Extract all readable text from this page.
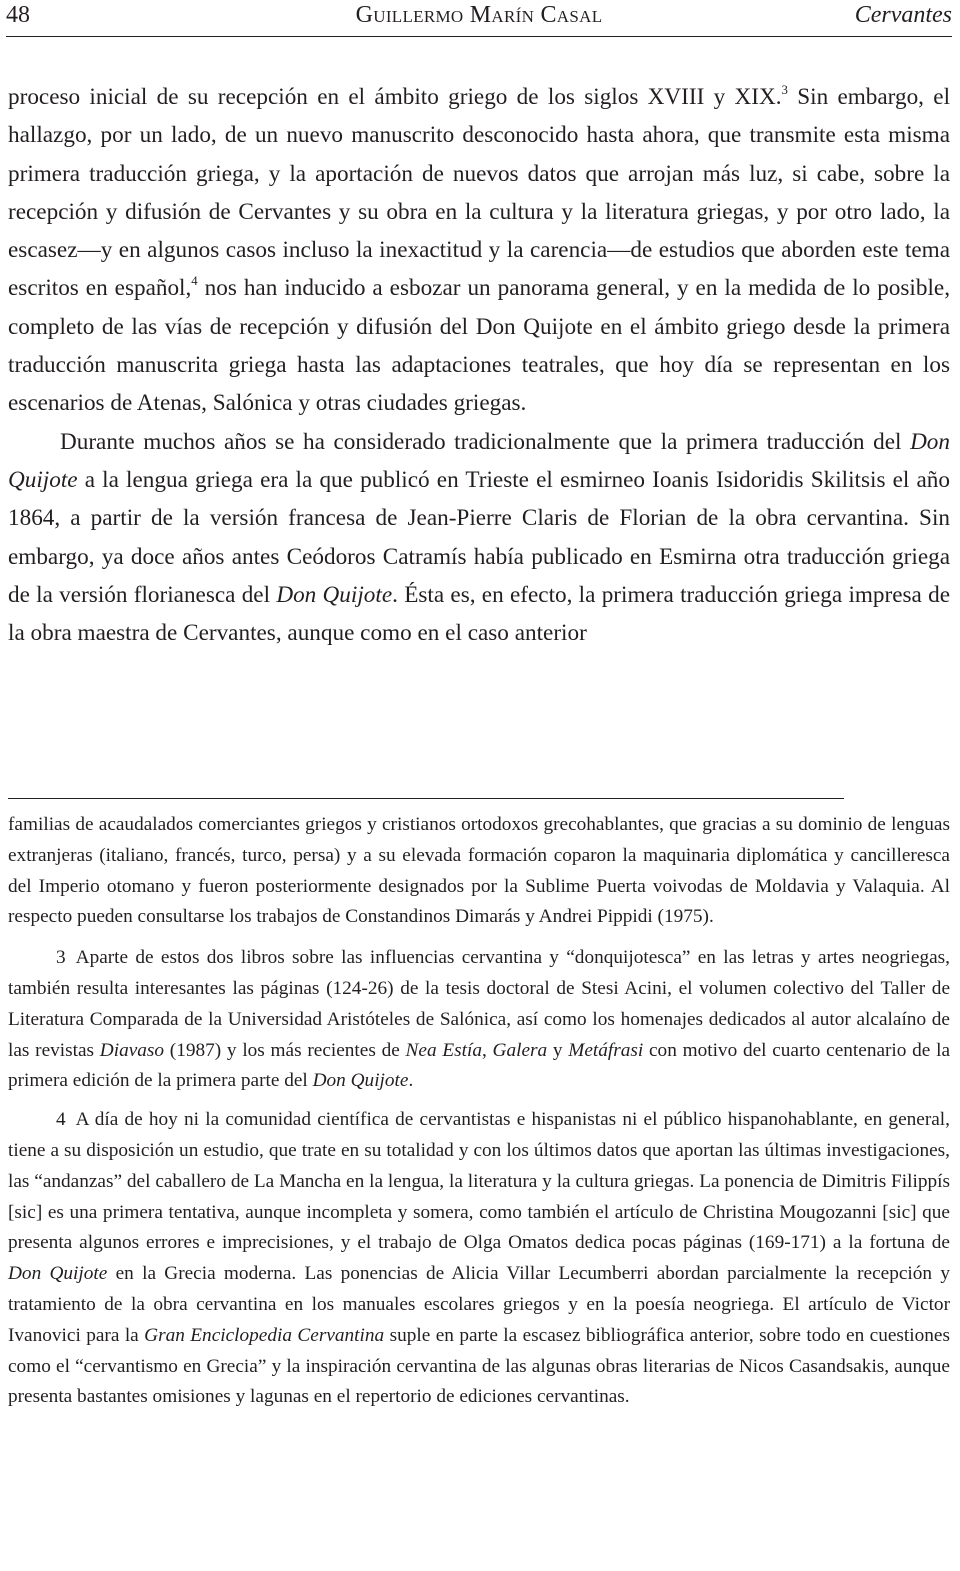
48	Guillermo Marín Casal	Cervantes

proceso inicial de su recepción en el ámbito griego de los siglos XVIII y XIX.$^3$ Sin embargo, el hallazgo, por un lado, de un nuevo manuscrito desconocido hasta ahora, que transmite esta misma primera traducción griega, y la aportación de nuevos datos que arrojan más luz, si cabe, sobre la recepción y difusión de Cervantes y su obra en la cultura y la literatura griegas, y por otro lado, la escasez—y en algunos casos incluso la inexactitud y la carencia—de estudios que aborden este tema escritos en español,$^4$ nos han inducido a esbozar un panorama general, y en la medida de lo posible, completo de las vías de recepción y difusión del Don Quijote en el ámbito griego desde la primera traducción manuscrita griega hasta las adaptaciones teatrales, que hoy día se representan en los escenarios de Atenas, Salónica y otras ciudades griegas.

Durante muchos años se ha considerado tradicionalmente que la primera traducción del Don Quijote a la lengua griega era la que publicó en Trieste el esmirneo Ioanis Isidoridis Skilitsis el año 1864, a partir de la versión francesa de Jean-Pierre Claris de Florian de la obra cervantina. Sin embargo, ya doce años antes Ceódoros Catramís había publicado en Esmirna otra traducción griega de la versión florianesca del Don Quijote. Ésta es, en efecto, la primera traducción griega impresa de la obra maestra de Cervantes, aunque como en el caso anterior

familias de acaudalados comerciantes griegos y cristianos ortodoxos grecohablantes, que gracias a su dominio de lenguas extranjeras (italiano, francés, turco, persa) y a su elevada formación coparon la maquinaria diplomática y cancilleresca del Imperio otomano y fueron posteriormente designados por la Sublime Puerta voivodas de Moldavia y Valaquia. Al respecto pueden consultarse los trabajos de Constandinos Dimarás y Andrei Pippidi (1975).

3 Aparte de estos dos libros sobre las influencias cervantina y “donquijotesca” en las letras y artes neogriegas, también resulta interesantes las páginas (124-26) de la tesis doctoral de Stesi Acini, el volumen colectivo del Taller de Literatura Comparada de la Universidad Aristóteles de Salónica, así como los homenajes dedicados al autor alcalaíno de las revistas Diavaso (1987) y los más recientes de Nea Estía, Galera y Metáfrasi con motivo del cuarto centenario de la primera edición de la primera parte del Don Quijote.

4 A día de hoy ni la comunidad científica de cervantistas e hispanistas ni el público hispanohablante, en general, tiene a su disposición un estudio, que trate en su totalidad y con los últimos datos que aportan las últimas investigaciones, las “andanzas” del caballero de La Mancha en la lengua, la literatura y la cultura griegas. La ponencia de Dimitris Filippís [sic] es una primera tentativa, aunque incompleta y somera, como también el artículo de Christina Mougozanni [sic] que presenta algunos errores e imprecisiones, y el trabajo de Olga Omatos dedica pocas páginas (169-171) a la fortuna de Don Quijote en la Grecia moderna. Las ponencias de Alicia Villar Lecumberri abordan parcialmente la recepción y tratamiento de la obra cervantina en los manuales escolares griegos y en la poesía neogriega. El artículo de Victor Ivanovici para la Gran Enciclopedia Cervantina suple en parte la escasez bibliográfica anterior, sobre todo en cuestiones como el “cervantismo en Grecia” y la inspiración cervantina de las algunas obras literarias de Nicos Casandsakis, aunque presenta bastantes omisiones y lagunas en el repertorio de ediciones cervantinas.
